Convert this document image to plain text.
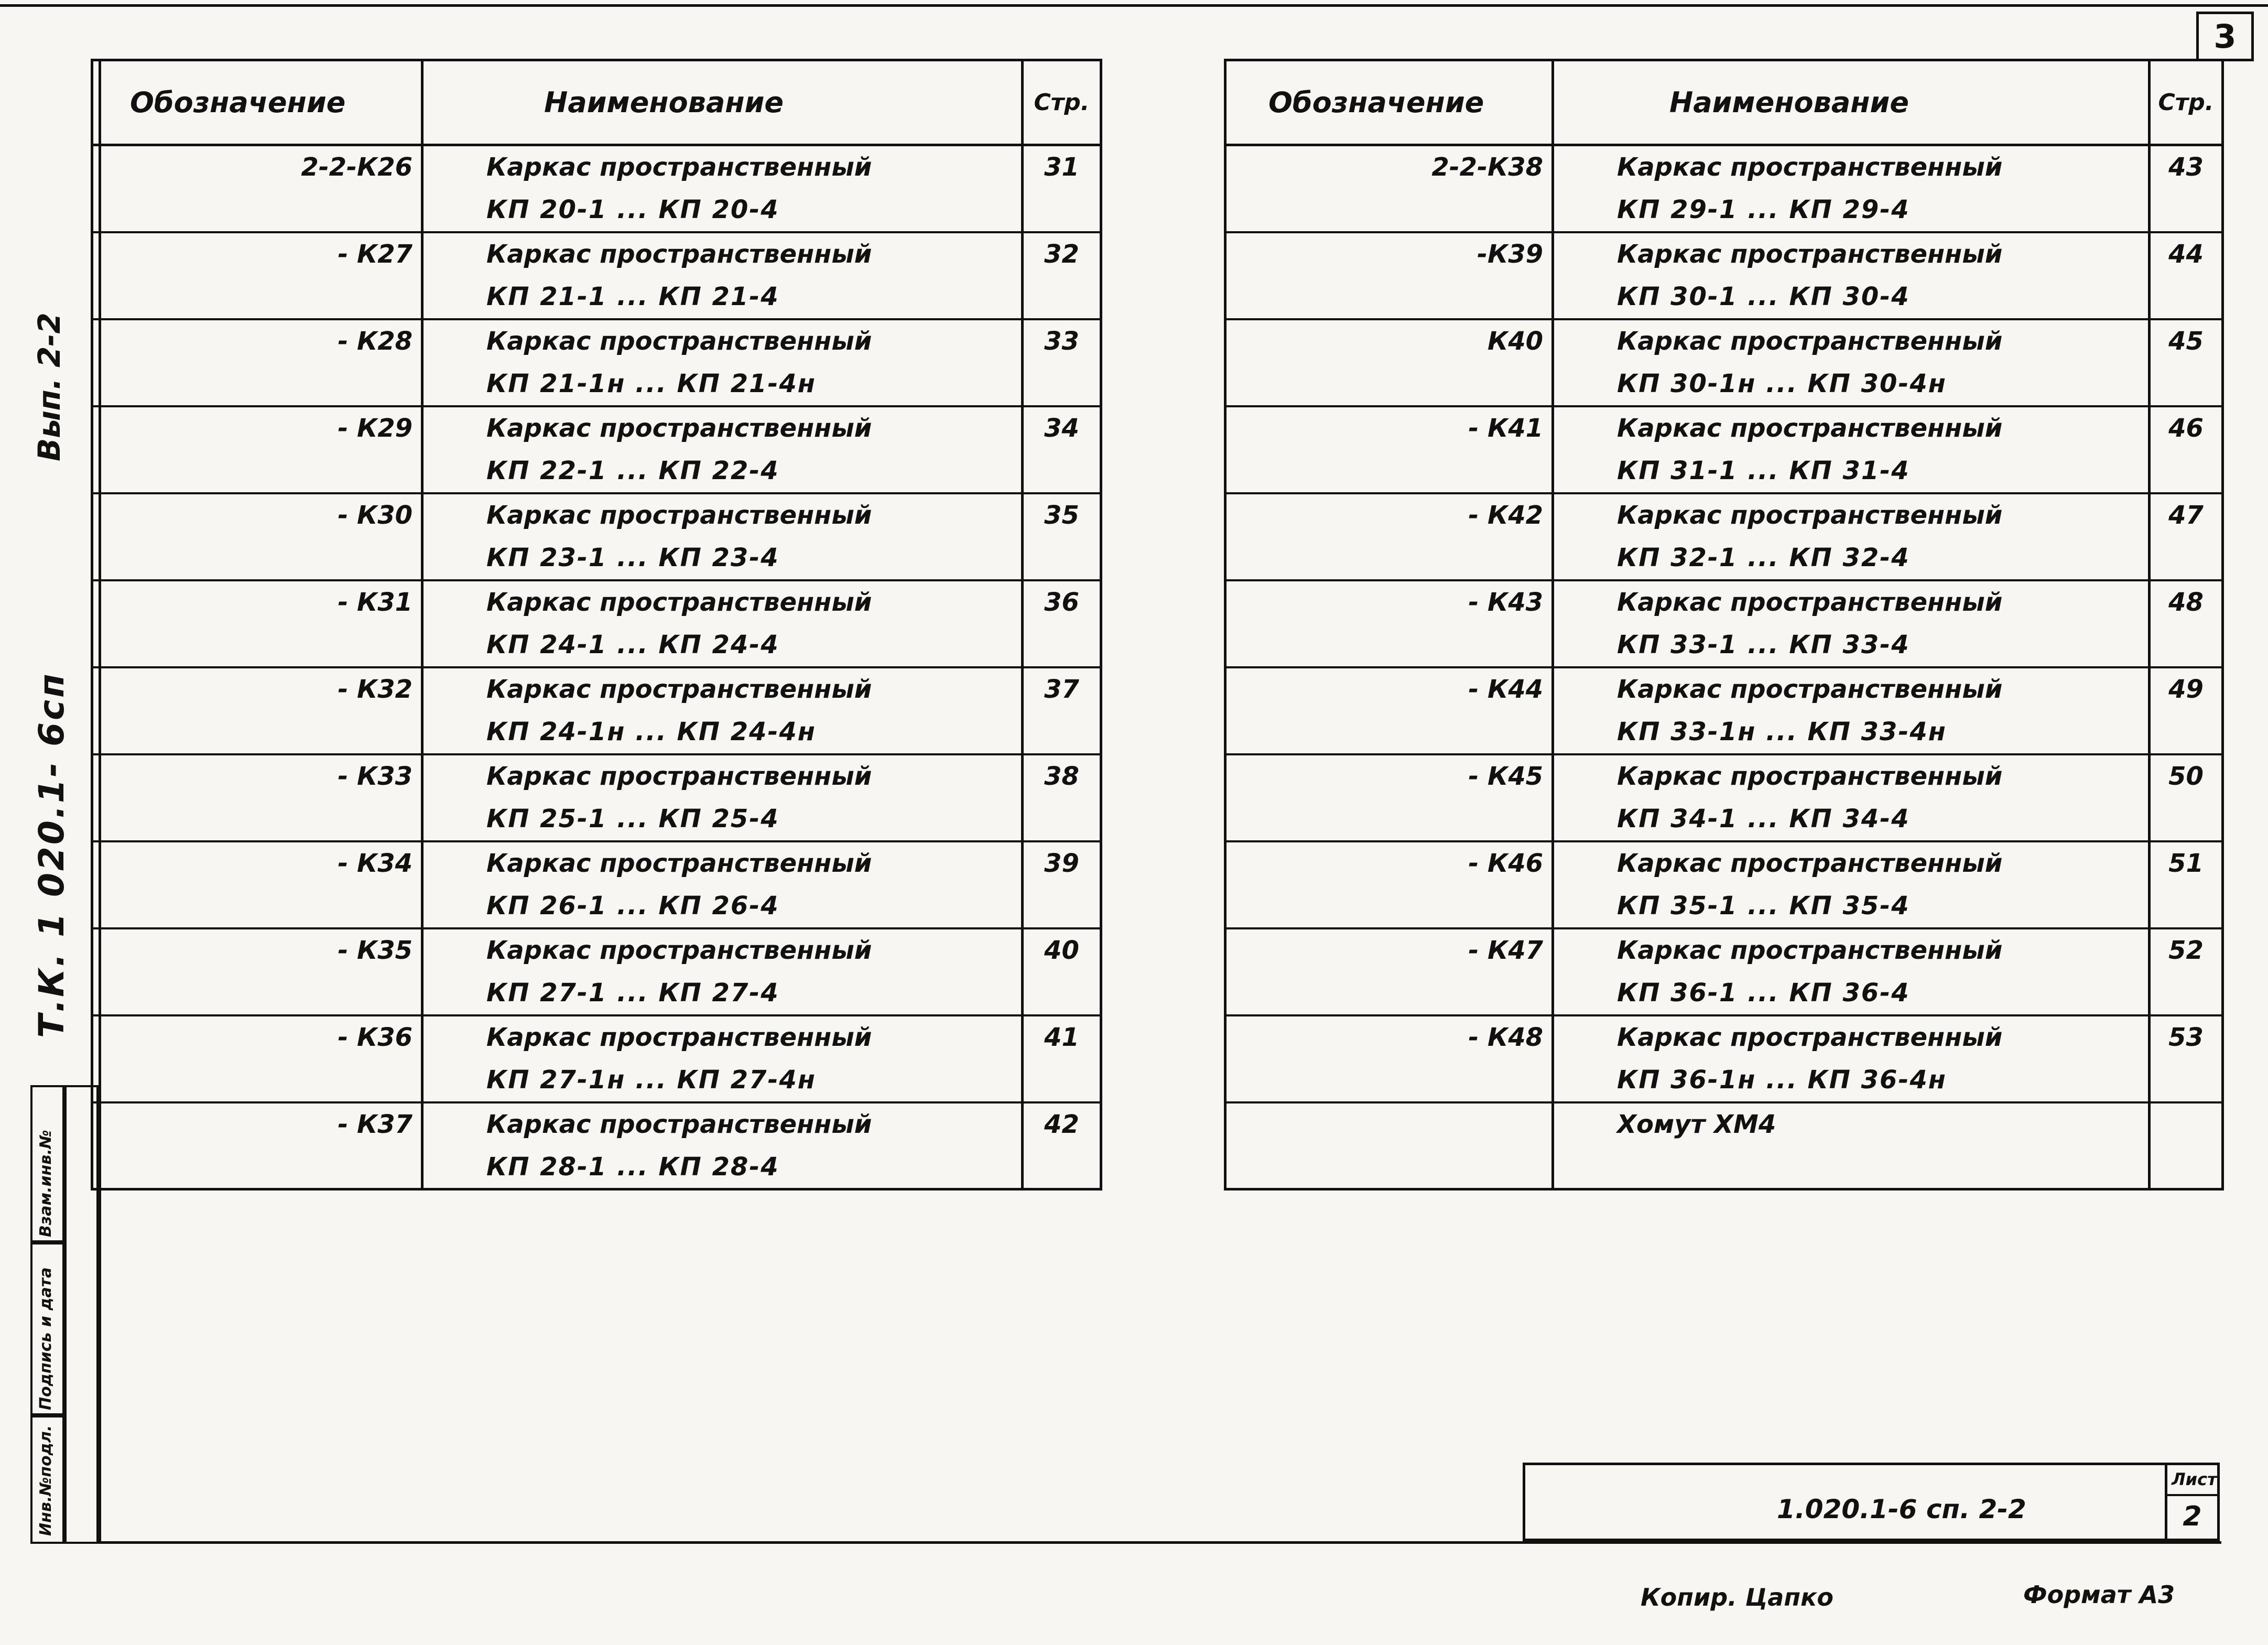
3
Вып. 2-2
Т.К. 1 020.1- 6сп
Инв.№подл.
Подпись и дата
Взам.инв.№
Обозначение	Наименование	Стр.
2-2-К26	Каркас пространственный	31
	КП 20-1 ... КП 20-4	
- К27	Каркас пространственный	32
	КП 21-1 ... КП 21-4	
- К28	Каркас пространственный	33
	КП 21-1н ... КП 21-4н	
- К29	Каркас пространственный	34
	КП 22-1 ... КП 22-4	
- К30	Каркас пространственный	35
	КП 23-1 ... КП 23-4	
- К31	Каркас пространственный	36
	КП 24-1 ... КП 24-4	
- К32	Каркас пространственный	37
	КП 24-1н ... КП 24-4н	
- К33	Каркас пространственный	38
	КП 25-1 ... КП 25-4	
- К34	Каркас пространственный	39
	КП 26-1 ... КП 26-4	
- К35	Каркас пространственный	40
	КП 27-1 ... КП 27-4	
- К36	Каркас пространственный	41
	КП 27-1н ... КП 27-4н	
- К37	Каркас пространственный	42
	КП 28-1 ... КП 28-4	
Обозначение	Наименование	Стр.
2-2-К38	Каркас пространственный	43
	КП 29-1 ... КП 29-4	
-К39	Каркас пространственный	44
	КП 30-1 ... КП 30-4	
К40	Каркас пространственный	45
	КП 30-1н ... КП 30-4н	
- К41	Каркас пространственный	46
	КП 31-1 ... КП 31-4	
- К42	Каркас пространственный	47
	КП 32-1 ... КП 32-4	
- К43	Каркас пространственный	48
	КП 33-1 ... КП 33-4	
- К44	Каркас пространственный	49
	КП 33-1н ... КП 33-4н	
- К45	Каркас пространственный	50
	КП 34-1 ... КП 34-4	
- К46	Каркас пространственный	51
	КП 35-1 ... КП 35-4	
- К47	Каркас пространственный	52
	КП 36-1 ... КП 36-4	
- К48	Каркас пространственный	53
	КП 36-1н ... КП 36-4н	
	Хомут ХМ4	

1.020.1-6 сп. 2-2
Лист
2
Копир. Цапко	Формат А3
